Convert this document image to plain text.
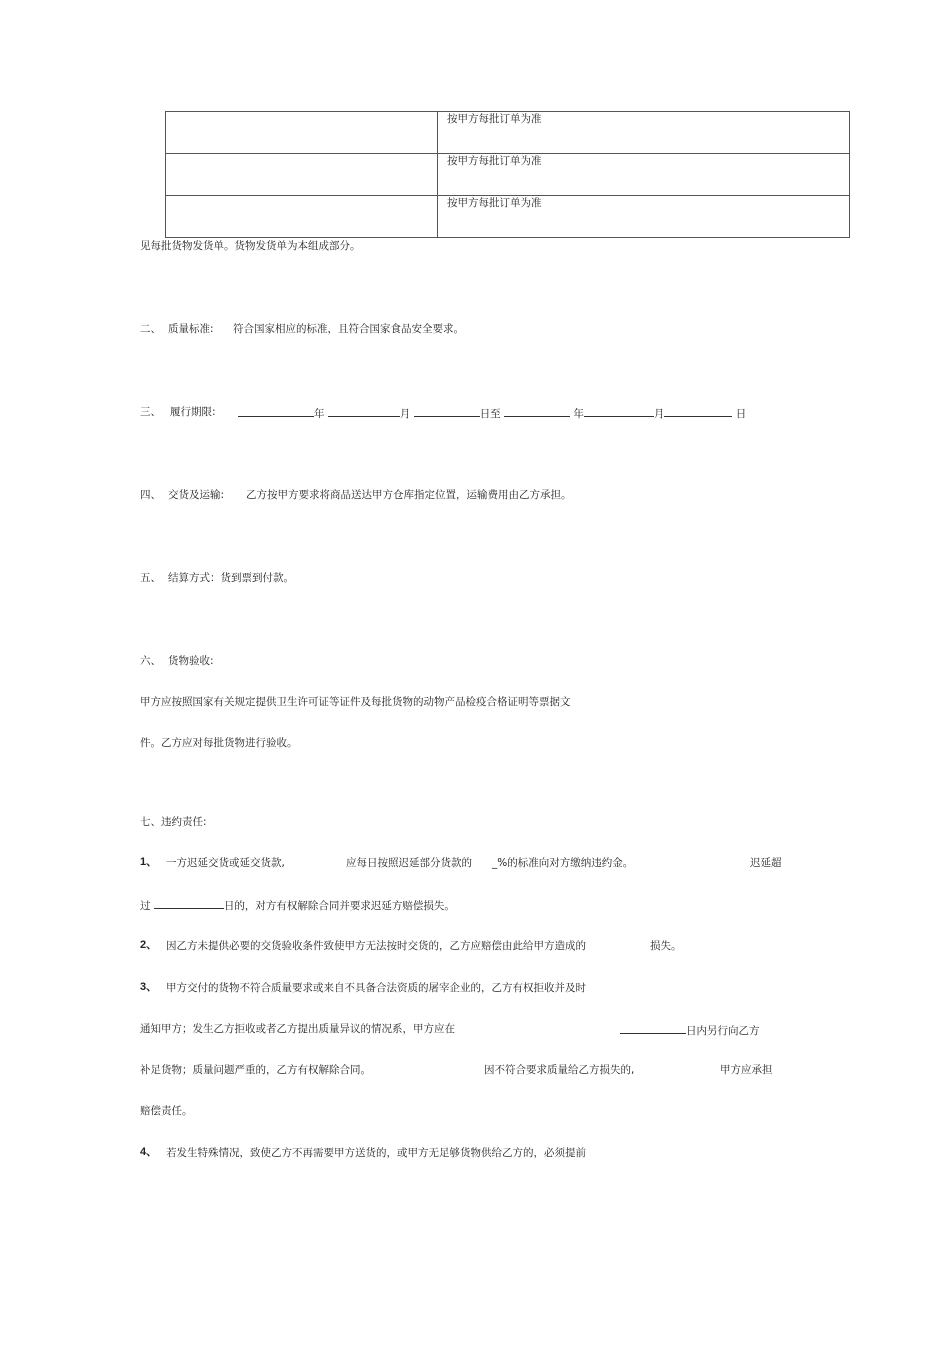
	按甲方每批订单为准
	按甲方每批订单为准
	按甲方每批订单为准
见每批货物发货单。货物发货单为本组成部分。
二、 质量标准: 符合国家相应的标准，且符合国家食品安全要求。
三、 履行期限:	年	月	日至	年	月	日
四、 交货及运输: 乙方按甲方要求将商品送达甲方仓库指定位置，运输费用由乙方承担。
五、 结算方式：货到票到付款。
六、 货物验收:
甲方应按照国家有关规定提供卫生许可证等证件及每批货物的动物产品检疫合格证明等票据文
件。乙方应对每批货物进行验收。
七、违约责任:
1、 一方迟延交货或延交货款,	应每日按照迟延部分货款的 _%的标准向对方缴纳违约金。	迟延超
过	日的，对方有权解除合同并要求迟延方赔偿损失。
2、 因乙方未提供必要的交货验收条件致使甲方无法按时交货的，乙方应赔偿由此给甲方造成的	损失。
3、 甲方交付的货物不符合质量要求或来自不具备合法资质的屠宰企业的，乙方有权拒收并及时
通知甲方；发生乙方拒收或者乙方提出质量异议的情况系，甲方应在	日内另行向乙方
补足货物；质量问题严重的，乙方有权解除合同。	因不符合要求质量给乙方损失的,	甲方应承担
赔偿责任。
4、 若发生特殊情况，致使乙方不再需要甲方送货的，或甲方无足够货物供给乙方的，必须提前
